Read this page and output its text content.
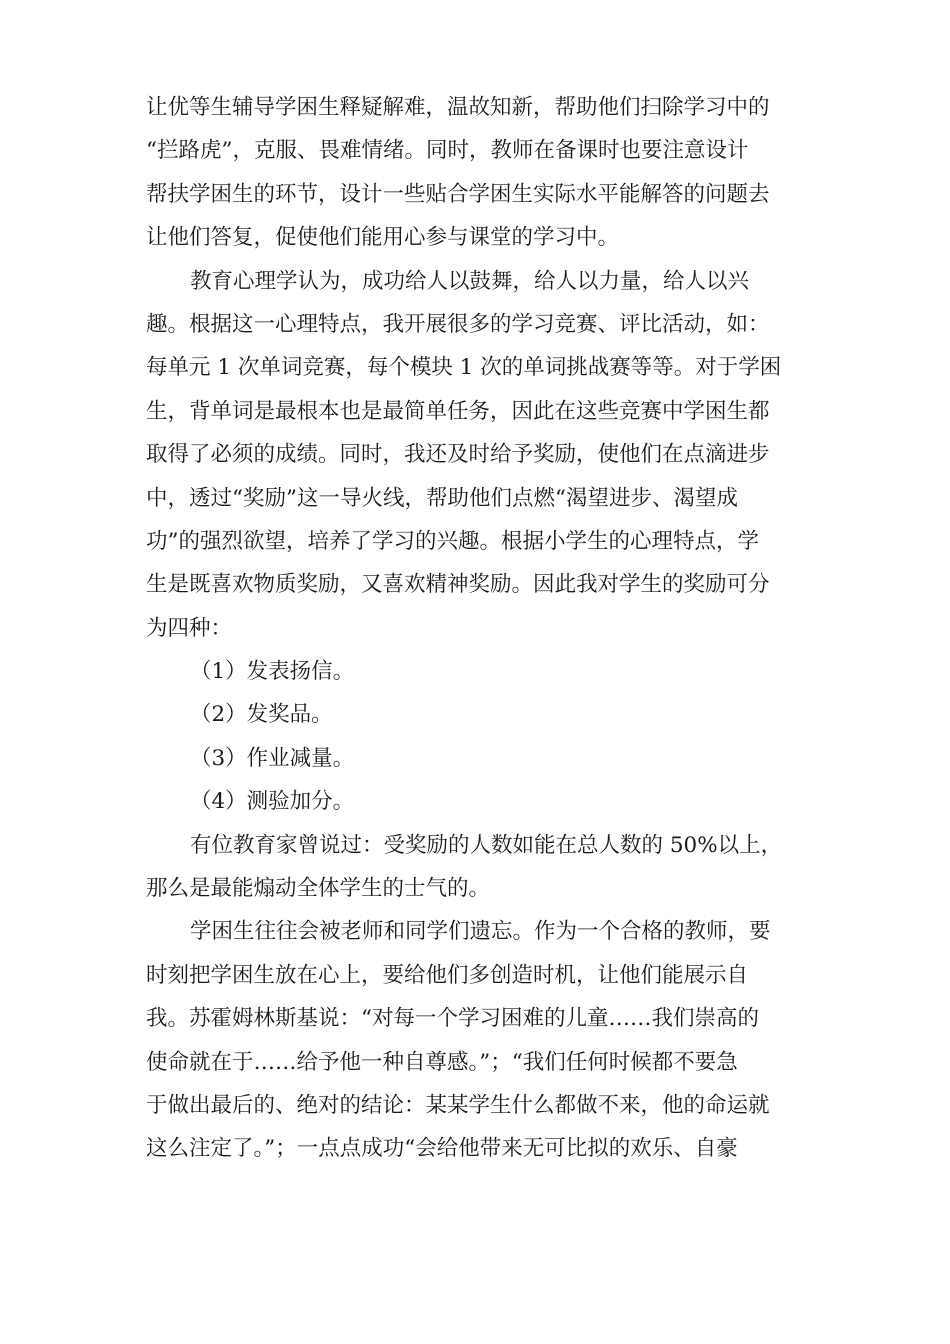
让优等生辅导学困生释疑解难，温故知新，帮助他们扫除学习中的
“拦路虎”，克服、畏难情绪。同时，教师在备课时也要注意设计
帮扶学困生的环节，设计一些贴合学困生实际水平能解答的问题去
让他们答复，促使他们能用心参与课堂的学习中。
教育心理学认为，成功给人以鼓舞，给人以力量，给人以兴
趣。根据这一心理特点，我开展很多的学习竞赛、评比活动，如：
每单元 1 次单词竞赛，每个模块 1 次的单词挑战赛等等。对于学困
生，背单词是最根本也是最简单任务，因此在这些竞赛中学困生都
取得了必须的成绩。同时，我还及时给予奖励，使他们在点滴进步
中，透过“奖励”这一导火线，帮助他们点燃“渴望进步、渴望成
功”的强烈欲望，培养了学习的兴趣。根据小学生的心理特点，学
生是既喜欢物质奖励，又喜欢精神奖励。因此我对学生的奖励可分
为四种：
（1）发表扬信。
（2）发奖品。
（3）作业减量。
（4）测验加分。
有位教育家曾说过：受奖励的人数如能在总人数的 50%以上，
那么是最能煽动全体学生的士气的。
学困生往往会被老师和同学们遗忘。作为一个合格的教师，要
时刻把学困生放在心上，要给他们多创造时机，让他们能展示自
我。苏霍姆林斯基说：“对每一个学习困难的儿童……我们崇高的
使命就在于……给予他一种自尊感。”；“我们任何时候都不要急
于做出最后的、绝对的结论：某某学生什么都做不来，他的命运就
这么注定了。”；一点点成功“会给他带来无可比拟的欢乐、自豪
